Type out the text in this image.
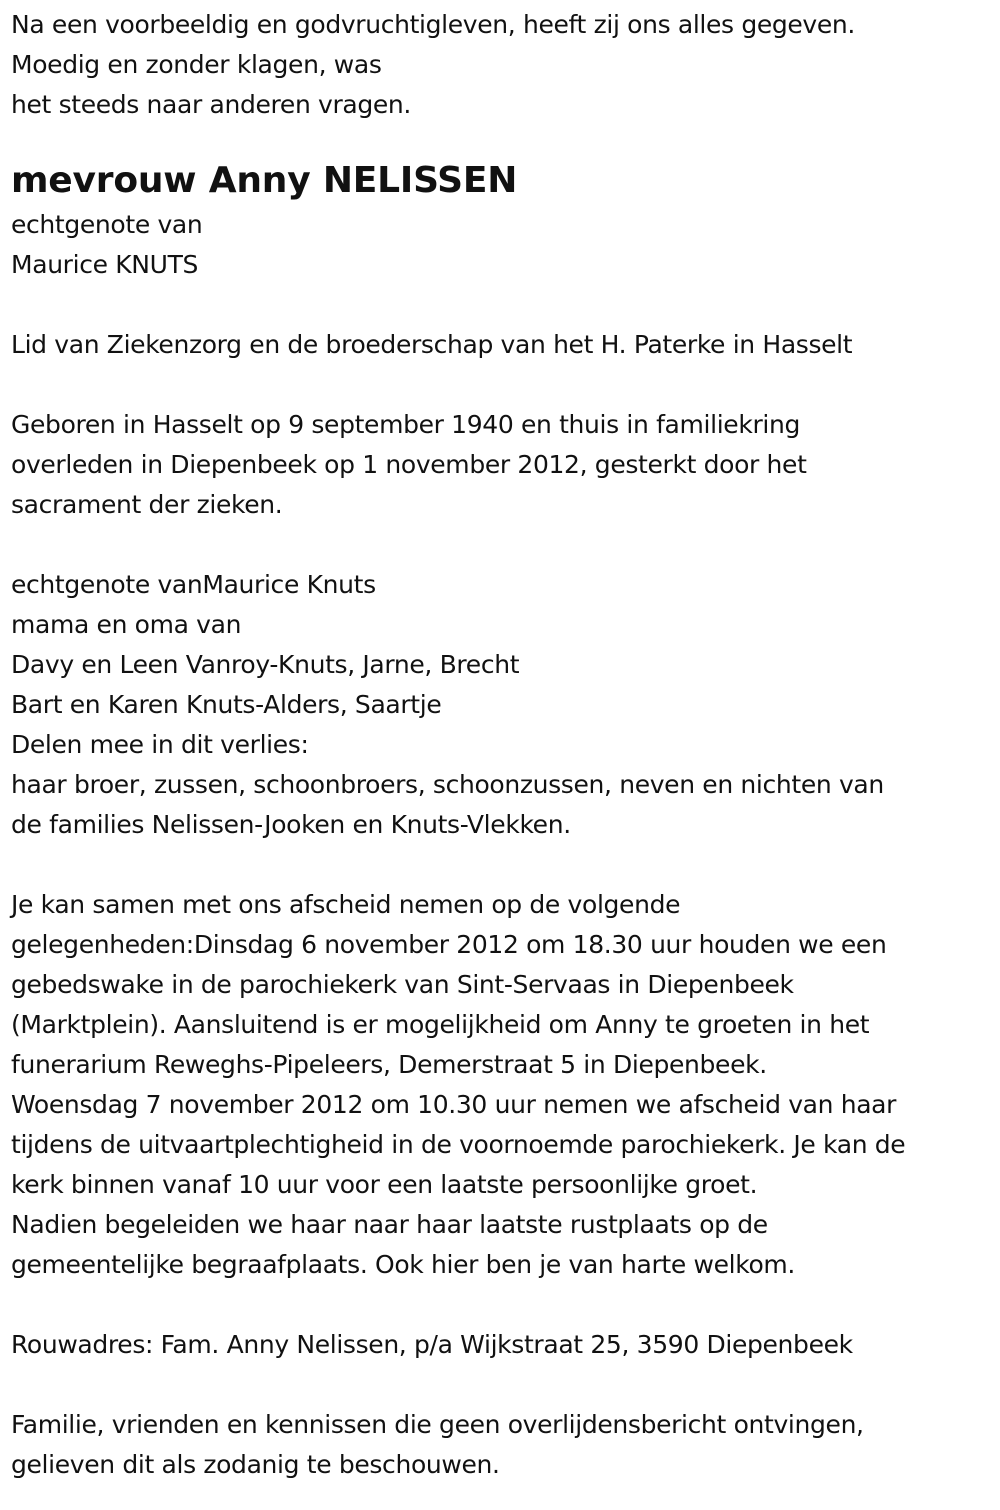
Na een voorbeeldig en godvruchtigleven, heeft zij ons alles gegeven.
Moedig en zonder klagen, was
het steeds naar anderen vragen.
mevrouw Anny NELISSEN
echtgenote van
Maurice KNUTS
Lid van Ziekenzorg en de broederschap van het H. Paterke in Hasselt
Geboren in Hasselt op 9 september 1940 en thuis in familiekring
overleden in Diepenbeek op 1 november 2012, gesterkt door het
sacrament der zieken.
echtgenote vanMaurice Knuts
mama en oma van
Davy en Leen Vanroy-Knuts, Jarne, Brecht
Bart en Karen Knuts-Alders, Saartje
Delen mee in dit verlies:
haar broer, zussen, schoonbroers, schoonzussen, neven en nichten van
de families Nelissen-Jooken en Knuts-Vlekken.
Je kan samen met ons afscheid nemen op de volgende
gelegenheden:Dinsdag 6 november 2012 om 18.30 uur houden we een
gebedswake in de parochiekerk van Sint-Servaas in Diepenbeek
(Marktplein). Aansluitend is er mogelijkheid om Anny te groeten in het
funerarium Reweghs-Pipeleers, Demerstraat 5 in Diepenbeek.
Woensdag 7 november 2012 om 10.30 uur nemen we afscheid van haar
tijdens de uitvaartplechtigheid in de voornoemde parochiekerk. Je kan de
kerk binnen vanaf 10 uur voor een laatste persoonlijke groet.
Nadien begeleiden we haar naar haar laatste rustplaats op de
gemeentelijke begraafplaats. Ook hier ben je van harte welkom.
Rouwadres: Fam. Anny Nelissen, p/a Wijkstraat 25, 3590 Diepenbeek
Familie, vrienden en kennissen die geen overlijdensbericht ontvingen,
gelieven dit als zodanig te beschouwen.
